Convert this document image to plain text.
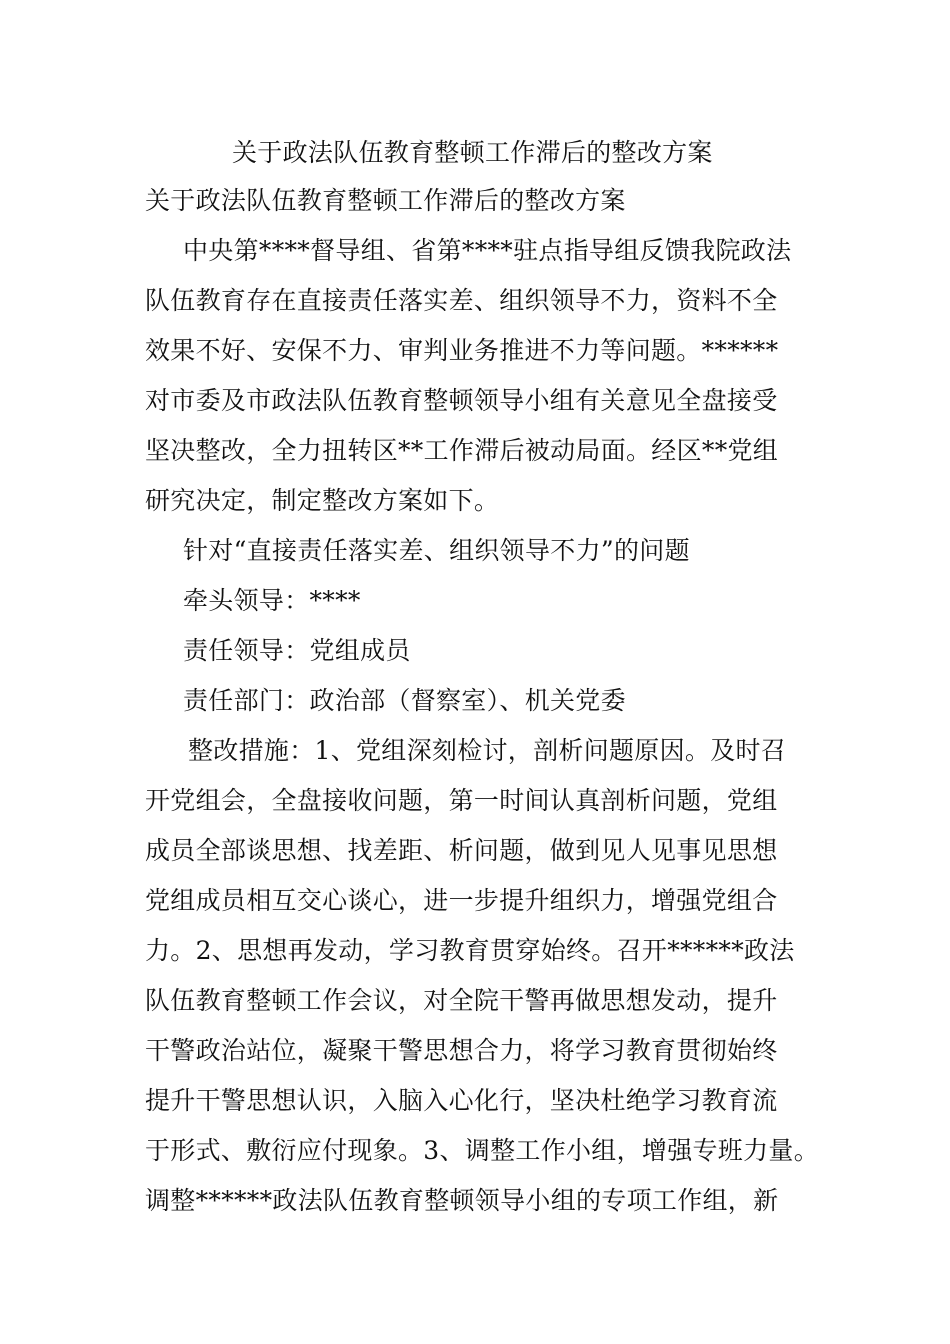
关于政法队伍教育整顿工作滞后的整改方案
关于政法队伍教育整顿工作滞后的整改方案
中央第****督导组、省第****驻点指导组反馈我院政法
队伍教育存在直接责任落实差、组织领导不力，资料不全
效果不好、安保不力、审判业务推进不力等问题。******
对市委及市政法队伍教育整顿领导小组有关意见全盘接受
坚决整改，全力扭转区**工作滞后被动局面。经区**党组
研究决定，制定整改方案如下。
针对“直接责任落实差、组织领导不力”的问题
牵头领导：****
责任领导：党组成员
责任部门：政治部（督察室）、机关党委
整改措施：1、党组深刻检讨，剖析问题原因。及时召
开党组会，全盘接收问题，第一时间认真剖析问题，党组
成员全部谈思想、找差距、析问题，做到见人见事见思想
党组成员相互交心谈心，进一步提升组织力，增强党组合
力。2、思想再发动，学习教育贯穿始终。召开******政法
队伍教育整顿工作会议，对全院干警再做思想发动，提升
干警政治站位，凝聚干警思想合力，将学习教育贯彻始终
提升干警思想认识，入脑入心化行，坚决杜绝学习教育流
于形式、敷衍应付现象。3、调整工作小组，增强专班力量。
调整******政法队伍教育整顿领导小组的专项工作组，新
